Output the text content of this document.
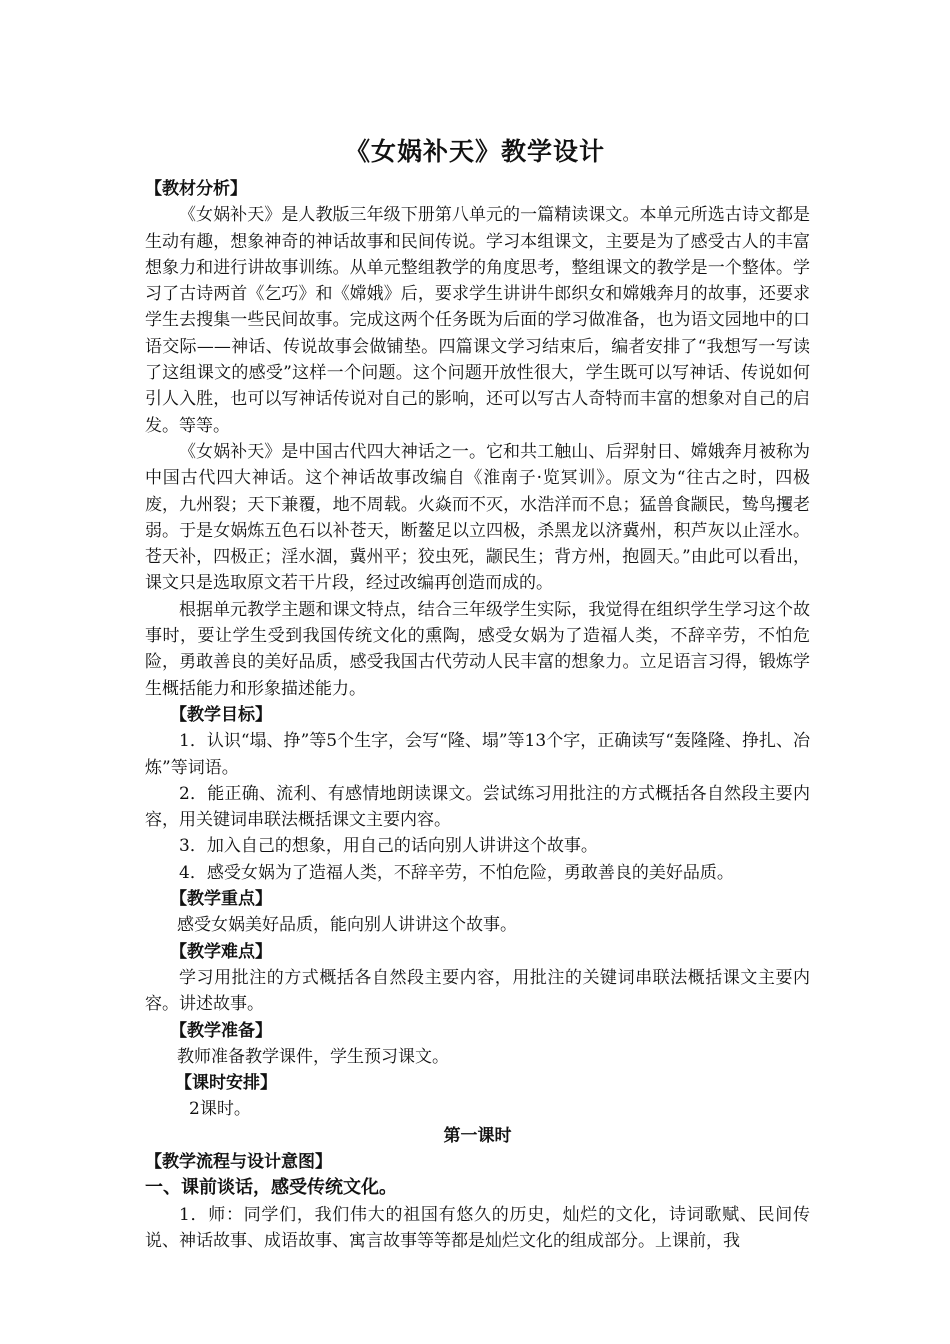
《女娲补天》教学设计

【教材分析】

《女娲补天》是人教版三年级下册第八单元的一篇精读课文。本单元所选古诗文都是生动有趣，想象神奇的神话故事和民间传说。学习本组课文，主要是为了感受古人的丰富想象力和进行讲故事训练。从单元整组教学的角度思考，整组课文的教学是一个整体。学习了古诗两首《乞巧》和《嫦娥》后，要求学生讲讲牛郎织女和嫦娥奔月的故事，还要求学生去搜集一些民间故事。完成这两个任务既为后面的学习做准备，也为语文园地中的口语交际——神话、传说故事会做铺垫。四篇课文学习结束后，编者安排了“我想写一写读了这组课文的感受”这样一个问题。这个问题开放性很大，学生既可以写神话、传说如何引人入胜，也可以写神话传说对自己的影响，还可以写古人奇特而丰富的想象对自己的启发。等等。

《女娲补天》是中国古代四大神话之一。它和共工触山、后羿射日、嫦娥奔月被称为中国古代四大神话。这个神话故事改编自《淮南子·览冥训》。原文为“往古之时，四极废，九州裂；天下兼覆，地不周载。火焱而不灭，水浩洋而不息；猛兽食颛民，鸷鸟攫老弱。于是女娲炼五色石以补苍天，断鳌足以立四极，杀黑龙以济冀州，积芦灰以止淫水。苍天补，四极正；淫水涸，冀州平；狡虫死，颛民生；背方州，抱圆天。”由此可以看出，课文只是选取原文若干片段，经过改编再创造而成的。

根据单元教学主题和课文特点，结合三年级学生实际，我觉得在组织学生学习这个故事时，要让学生受到我国传统文化的熏陶，感受女娲为了造福人类，不辞辛劳，不怕危险，勇敢善良的美好品质，感受我国古代劳动人民丰富的想象力。立足语言习得，锻炼学生概括能力和形象描述能力。

【教学目标】

1．认识“塌、挣”等5个生字，会写“隆、塌”等13个字，正确读写“轰隆隆、挣扎、冶炼”等词语。

2．能正确、流利、有感情地朗读课文。尝试练习用批注的方式概括各自然段主要内容，用关键词串联法概括课文主要内容。

3．加入自己的想象，用自己的话向别人讲讲这个故事。

4．感受女娲为了造福人类，不辞辛劳，不怕危险，勇敢善良的美好品质。

【教学重点】

感受女娲美好品质，能向别人讲讲这个故事。

【教学难点】

学习用批注的方式概括各自然段主要内容，用批注的关键词串联法概括课文主要内容。讲述故事。

【教学准备】

教师准备教学课件，学生预习课文。

【课时安排】

2课时。

第一课时

【教学流程与设计意图】

一、课前谈话，感受传统文化。

1．师：同学们，我们伟大的祖国有悠久的历史，灿烂的文化，诗词歌赋、民间传说、神话故事、成语故事、寓言故事等等都是灿烂文化的组成部分。上课前，我
